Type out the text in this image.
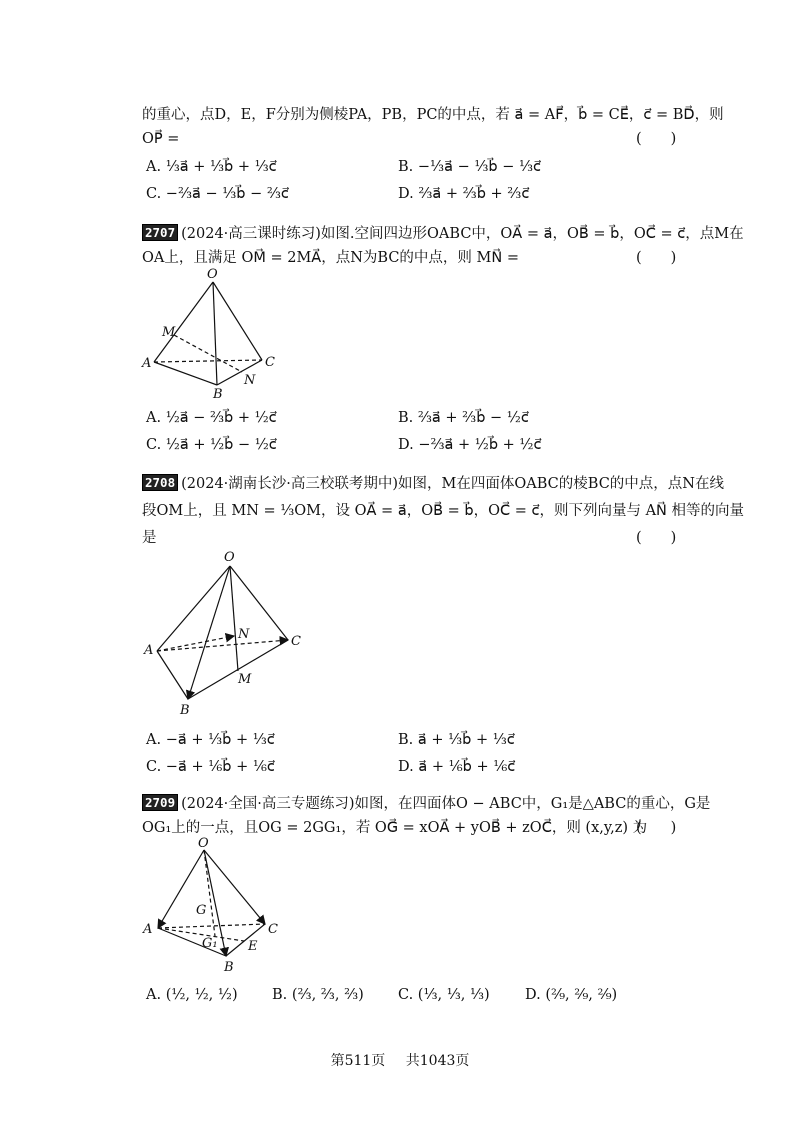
的重心，点D，E，F分别为侧棱PA，PB，PC的中点，若 a⃗ = AF⃗，b⃗ = CE⃗，c⃗ = BD⃗，则
OP⃗ =	(　　)
A. ⅓a⃗ + ⅓b⃗ + ⅓c⃗	B. −⅓a⃗ − ⅓b⃗ − ⅓c⃗
C. −⅔a⃗ − ⅓b⃗ − ⅔c⃗	D. ⅔a⃗ + ⅔b⃗ + ⅔c⃗
2707 (2024·高三课时练习)如图.空间四边形OABC中，OA⃗ = a⃗，OB⃗ = b⃗，OC⃗ = c⃗，点M在
OA上，且满足 OM⃗ = 2MA⃗，点N为BC的中点，则 MN⃗ =	(　　)
O
M
A	C
N
B
A. ½a⃗ − ⅔b⃗ + ½c⃗	B. ⅔a⃗ + ⅔b⃗ − ½c⃗
C. ½a⃗ + ½b⃗ − ½c⃗	D. −⅔a⃗ + ½b⃗ + ½c⃗
2708 (2024·湖南长沙·高三校联考期中)如图，M在四面体OABC的棱BC的中点，点N在线
段OM上，且 MN = ⅓OM，设 OA⃗ = a⃗，OB⃗ = b⃗，OC⃗ = c⃗，则下列向量与 AN⃗ 相等的向量
是	(　　)
O
N
A
C
M
B
A. −a⃗ + ⅓b⃗ + ⅓c⃗	B. a⃗ + ⅓b⃗ + ⅓c⃗
C. −a⃗ + ⅙b⃗ + ⅙c⃗	D. a⃗ + ⅙b⃗ + ⅙c⃗
2709 (2024·全国·高三专题练习)如图，在四面体O − ABC中，G₁是△ABC的重心，G是
OG₁上的一点，且OG = 2GG₁，若 OG⃗ = xOA⃗ + yOB⃗ + zOC⃗，则 (x,y,z) 为
(　　)
O
G
A	C
G₁ E
B
A. (½, ½, ½) B. (⅔, ⅔, ⅔) C. (⅓, ⅓, ⅓) D. (²⁄₉, ²⁄₉, ²⁄₉)
第511页 共1043页
